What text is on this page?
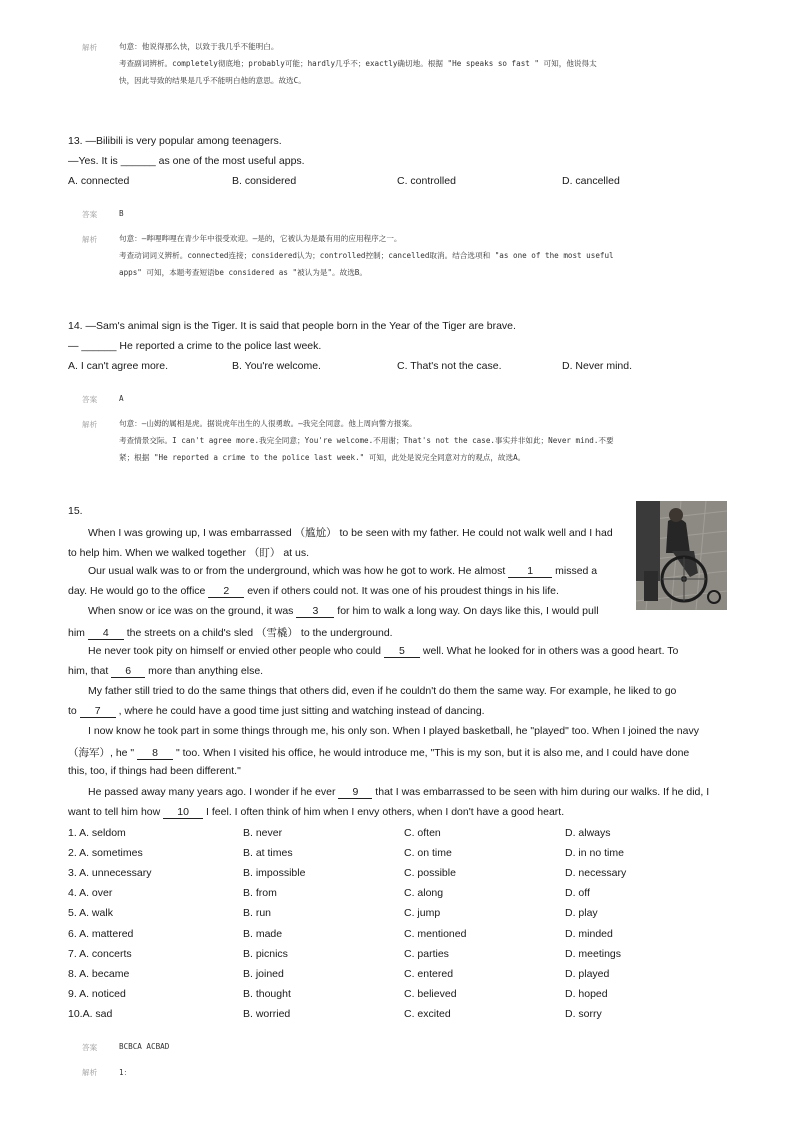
解析	句意：他说得那么快，以致于我几乎不能明白。
考查副词辨析。completely彻底地；probably可能；hardly几乎不；exactly确切地。根据 "He speaks so fast " 可知，他说得太
快，因此导致的结果是几乎不能明白他的意思。故选C。
13. —Bilibili is very popular among teenagers.
—Yes. It is ______ as one of the most useful apps.
A. connected	B. considered	C. controlled	D. cancelled
答案	B
解析	句意：—哔哩哔哩在青少年中很受欢迎。—是的，它被认为是最有用的应用程序之一。
考查动词词义辨析。connected连接；considered认为；controlled控制；cancelled取消。结合选项和 "as one of the most useful
apps" 可知，本题考查短语be considered as "被认为是"。故选B。
14. —Sam's animal sign is the Tiger. It is said that people born in the Year of the Tiger are brave.
— ______ He reported a crime to the police last week.
A. I can't agree more.	B. You're welcome.	C. That's not the case.	D. Never mind.
答案	A
解析	句意：—山姆的属相是虎。据说虎年出生的人很勇敢。—我完全同意。他上周向警方报案。
考查情景交际。I can't agree more.我完全同意；You're welcome.不用谢；That's not the case.事实并非如此；Never mind.不要
紧；根据 "He reported a crime to the police last week." 可知，此处是说完全同意对方的观点，故选A。
15.
When I was growing up, I was embarrassed （尴尬） to be seen with my father. He could not walk well and I had
to help him. When we walked together （盯） at us.
Our usual walk was to or from the underground, which was how he got to work. He almost 1 missed a
day. He would go to the office 2 even if others could not. It was one of his proudest things in his life.
When snow or ice was on the ground, it was 3 for him to walk a long way. On days like this, I would pull
him 4 the streets on a child's sled （雪橇） to the underground.
He never took pity on himself or envied other people who could 5 well. What he looked for in others was a good heart. To
him, that 6 more than anything else.
My father still tried to do the same things that others did, even if he couldn't do them the same way. For example, he liked to go
to 7 , where he could have a good time just sitting and watching instead of dancing.
I now know he took part in some things through me, his only son. When I played basketball, he "played" too. When I joined the navy
（海军）, he " 8 " too. When I visited his office, he would introduce me, "This is my son, but it is also me, and I could have done
this, too, if things had been different."
He passed away many years ago. I wonder if he ever 9 that I was embarrassed to be seen with him during our walks. If he did, I
want to tell him how 10 I feel. I often think of him when I envy others, when I don't have a good heart.
1. A. seldom	B. never	C. often	D. always
2. A. sometimes	B. at times	C. on time	D. in no time
3. A. unnecessary	B. impossible	C. possible	D. necessary
4. A. over	B. from	C. along	D. off
5. A. walk	B. run	C. jump	D. play
6. A. mattered	B. made	C. mentioned	D. minded
7. A. concerts	B. picnics	C. parties	D. meetings
8. A. became	B. joined	C. entered	D. played
9. A. noticed	B. thought	C. believed	D. hoped
10.A. sad	B. worried	C. excited	D. sorry
答案	BCBCA ACBAD
解析	1：
